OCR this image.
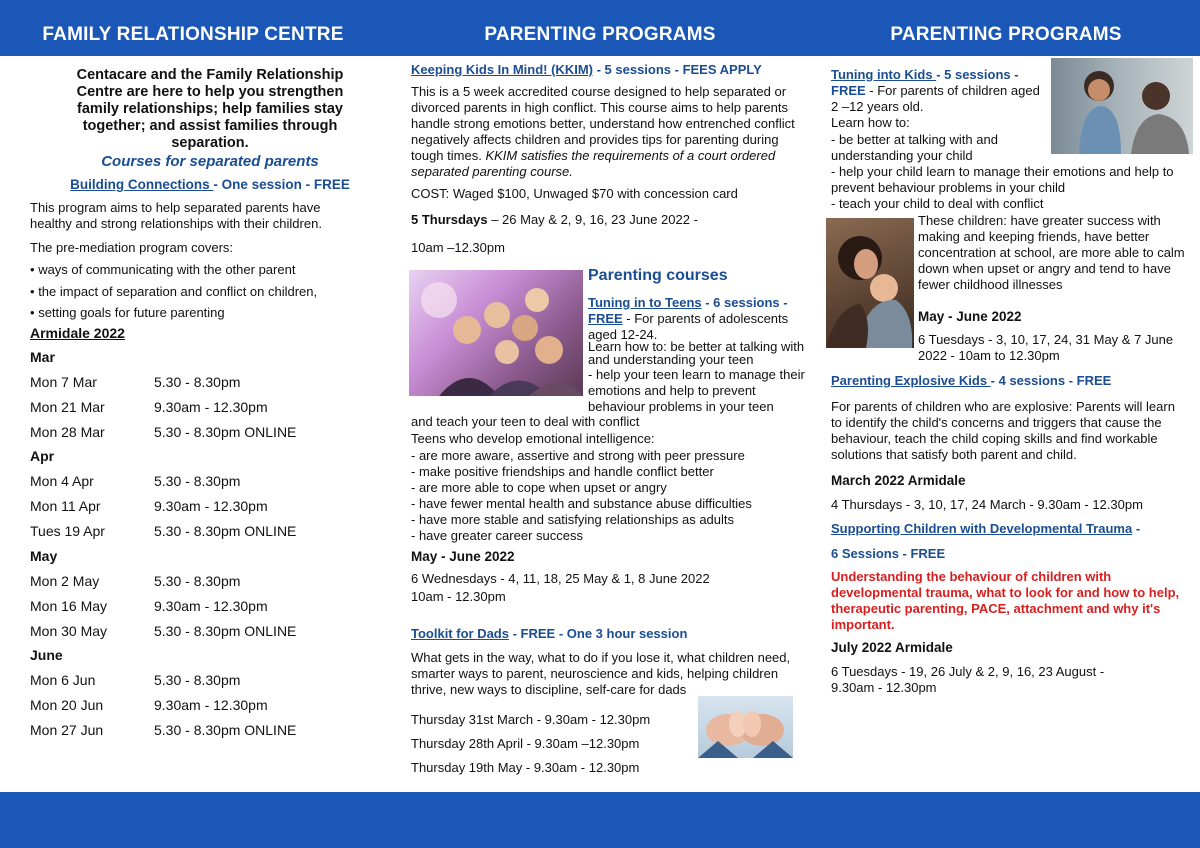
FAMILY RELATIONSHIP CENTRE	PARENTING PROGRAMS	PARENTING PROGRAMS
Centacare and the Family Relationship Centre are here to help you strengthen family relationships; help families stay together; and assist families through separation.
Courses for separated parents
Building Connections - One session - FREE
This program aims to help separated parents have healthy and strong relationships with their children.
The pre-mediation program covers:
• ways of communicating with the other parent
• the impact of separation and conflict on children,
• setting goals for future parenting
Armidale 2022
Mar
Mon 7 Mar	5.30 - 8.30pm
Mon 21 Mar	9.30am - 12.30pm
Mon 28 Mar	5.30 - 8.30pm ONLINE
Apr
Mon 4 Apr	5.30 - 8.30pm
Mon 11 Apr	9.30am - 12.30pm
Tues 19 Apr	5.30 - 8.30pm ONLINE
May
Mon 2 May	5.30 - 8.30pm
Mon 16 May	9.30am - 12.30pm
Mon 30 May	5.30 - 8.30pm ONLINE
June
Mon 6 Jun	5.30 - 8.30pm
Mon 20 Jun	9.30am - 12.30pm
Mon 27 Jun	5.30 - 8.30pm ONLINE
Keeping Kids In Mind! (KKIM) - 5 sessions - FEES APPLY
This is a 5 week accredited course designed to help separated or divorced parents in high conflict. This course aims to help parents handle strong emotions better, understand how entrenched conflict negatively affects children and provides tips for parenting during tough times. KKIM satisfies the requirements of a court ordered separated parenting course.
COST: Waged $100, Unwaged $70 with concession card
5 Thursdays – 26 May & 2, 9, 16, 23 June 2022 -
10am –12.30pm
Parenting courses
Tuning in to Teens - 6 sessions - FREE - For parents of adolescents aged 12-24.
Learn how to: be better at talking with and understanding your teen
- help your teen learn to manage their emotions and help to prevent behaviour problems in your teen
and teach your teen to deal with conflict
Teens who develop emotional intelligence:
- are more aware, assertive and strong with peer pressure
- make positive friendships and handle conflict better
- are more able to cope when upset or angry
- have fewer mental health and substance abuse difficulties
- have more stable and satisfying relationships as adults
- have greater career success
May - June 2022
6 Wednesdays - 4, 11, 18, 25 May & 1, 8 June 2022
10am - 12.30pm
Toolkit for Dads - FREE - One 3 hour session
What gets in the way, what to do if you lose it, what children need, smarter ways to parent, neuroscience and kids, helping children thrive, new ways to discipline, self-care for dads
Thursday 31st March - 9.30am - 12.30pm
Thursday 28th April - 9.30am –12.30pm
Thursday 19th May - 9.30am - 12.30pm
Tuning into Kids - 5 sessions - FREE - For parents of children aged 2 –12 years old.
Learn how to:
- be better at talking with and understanding your child
- help your child learn to manage their emotions and help to prevent behaviour problems in your child
- teach your child to deal with conflict
These children: have greater success with making and keeping friends, have better concentration at school, are more able to calm down when upset or angry and tend to have fewer childhood illnesses
May - June 2022
6 Tuesdays - 3, 10, 17, 24, 31 May & 7 June 2022 - 10am to 12.30pm
Parenting Explosive Kids - 4 sessions - FREE
For parents of children who are explosive: Parents will learn to identify the child's concerns and triggers that cause the behaviour, teach the child coping skills and find workable solutions that satisfy both parent and child.
March 2022 Armidale
4 Thursdays - 3, 10, 17, 24 March - 9.30am - 12.30pm
Supporting Children with Developmental Trauma -
6 Sessions - FREE
Understanding the behaviour of children with developmental trauma, what to look for and how to help, therapeutic parenting, PACE, attachment and why it's important.
July 2022 Armidale
6 Tuesdays - 19, 26 July & 2, 9, 16, 23 August - 9.30am - 12.30pm
